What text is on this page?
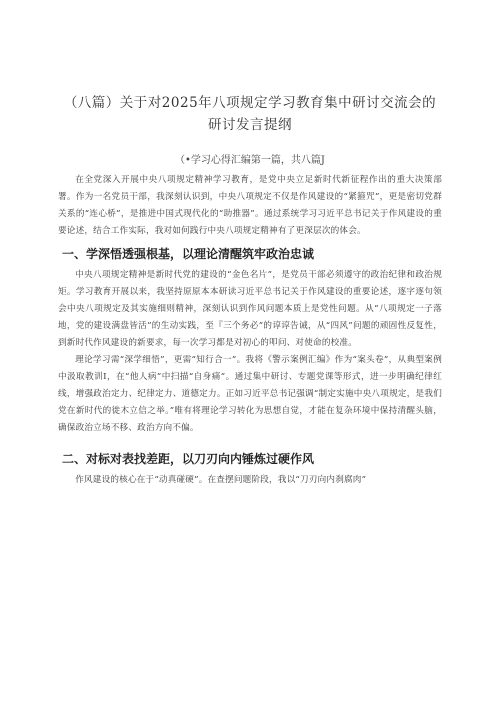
（八篇）关于对2025年八项规定学习教育集中研讨交流会的研讨发言提纲
（•学习心得汇编第一篇，共八篇J

在全党深入开展中央八项规定精神学习教育，是党中央立足新时代新征程作出的重大决策部署。作为一名党员干部，我深刻认识到，中央八项规定不仅是作风建设的“紧箍咒”，更是密切党群关系的“连心桥”，是推进中国式现代化的“助推器”。通过系统学习习近平总书记关于作风建设的重要论述，结合工作实际，我对如何践行中央八项规定精神有了更深层次的体会。

一、学深悟透强根基，以理论清醒筑牢政治忠诚

中央八项规定精神是新时代党的建设的“金色名片”，是党员干部必须遵守的政治纪律和政治规矩。学习教育开展以来，我坚持原原本本研读习近平总书记关于作风建设的重要论述，逐字逐句领会中央八项规定及其实施细则精神，深刻认识到作风问题本质上是党性问题。从“八项规定一子落地，党的建设满盘皆活”的生动实践，至『三个务必”的谆谆告诫，从“四风”问题的顽固性反复性，到新时代作风建设的新要求，每一次学习都是对初心的叩问、对使命的校准。

理论学习需“深学细悟”，更需“知行合一”。我将《警示案例汇编》作为“案头卷”，从典型案例中汲取教训I，在“他人病”中扫描“自身痛”。通过集中研讨、专题党课等形式，进一步明确纪律红线，增强政治定力、纪律定力、道德定力。正如习近平总书记强调“制定实施中央八项规定，是我们党在新时代的徙木立信之举。”唯有将理论学习转化为思想自觉，才能在复杂环境中保持清醒头脑，确保政治立场不移、政治方向不偏。

二、对标对表找差距，以刀刃向内锤炼过硬作风

作风建设的核心在于“动真碰硬”。在查摆问题阶段，我以“刀刃向内刹腐肉”
